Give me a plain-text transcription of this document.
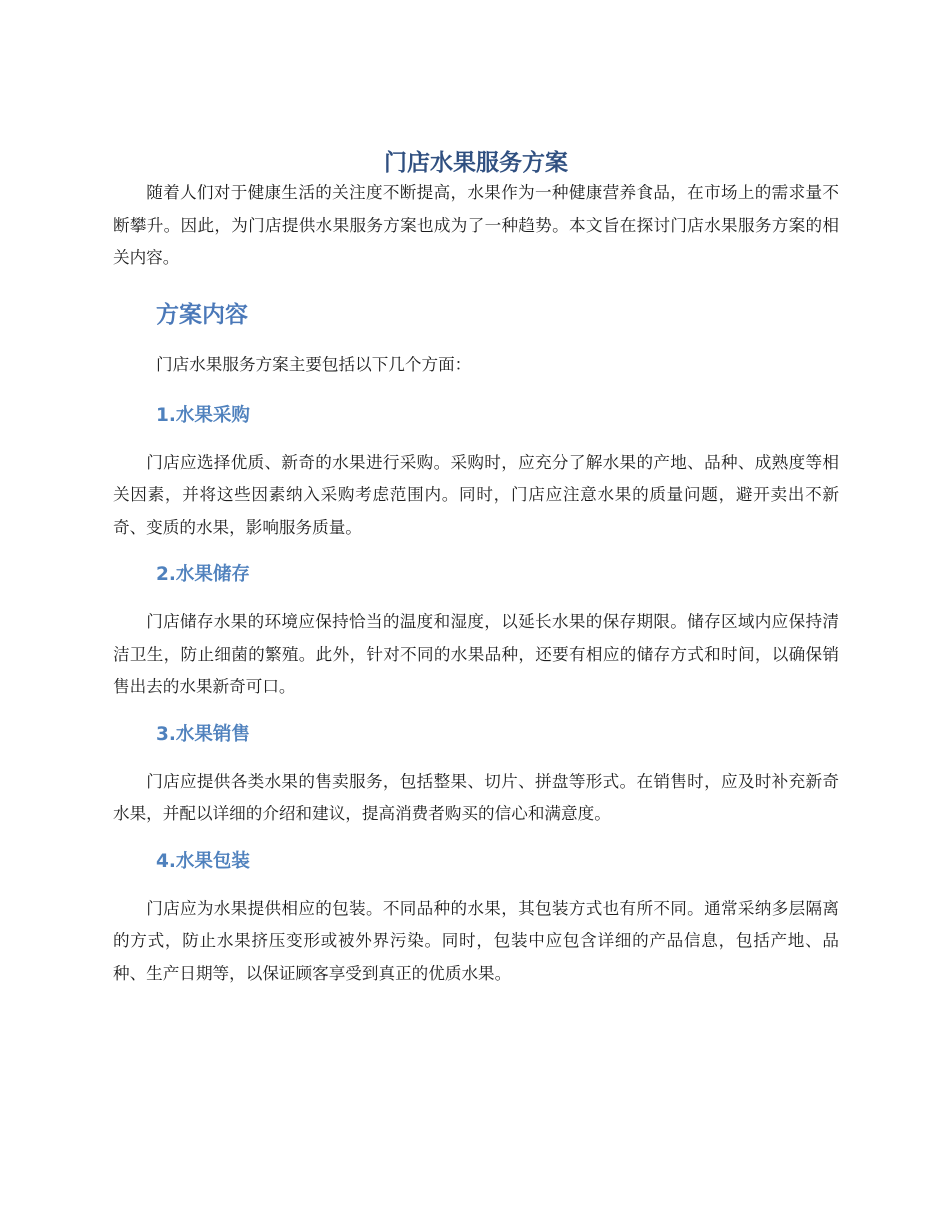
门店水果服务方案

随着人们对于健康生活的关注度不断提高，水果作为一种健康营养食品，在市场上的需求量不断攀升。因此，为门店提供水果服务方案也成为了一种趋势。本文旨在探讨门店水果服务方案的相关内容。

方案内容

门店水果服务方案主要包括以下几个方面：

1.水果采购

门店应选择优质、新奇的水果进行采购。采购时，应充分了解水果的产地、品种、成熟度等相关因素，并将这些因素纳入采购考虑范围内。同时，门店应注意水果的质量问题，避开卖出不新奇、变质的水果，影响服务质量。

2.水果储存

门店储存水果的环境应保持恰当的温度和湿度，以延长水果的保存期限。储存区域内应保持清洁卫生，防止细菌的繁殖。此外，针对不同的水果品种，还要有相应的储存方式和时间，以确保销售出去的水果新奇可口。

3.水果销售

门店应提供各类水果的售卖服务，包括整果、切片、拼盘等形式。在销售时，应及时补充新奇水果，并配以详细的介绍和建议，提高消费者购买的信心和满意度。

4.水果包装

门店应为水果提供相应的包装。不同品种的水果，其包装方式也有所不同。通常采纳多层隔离的方式，防止水果挤压变形或被外界污染。同时，包装中应包含详细的产品信息，包括产地、品种、生产日期等，以保证顾客享受到真正的优质水果。
